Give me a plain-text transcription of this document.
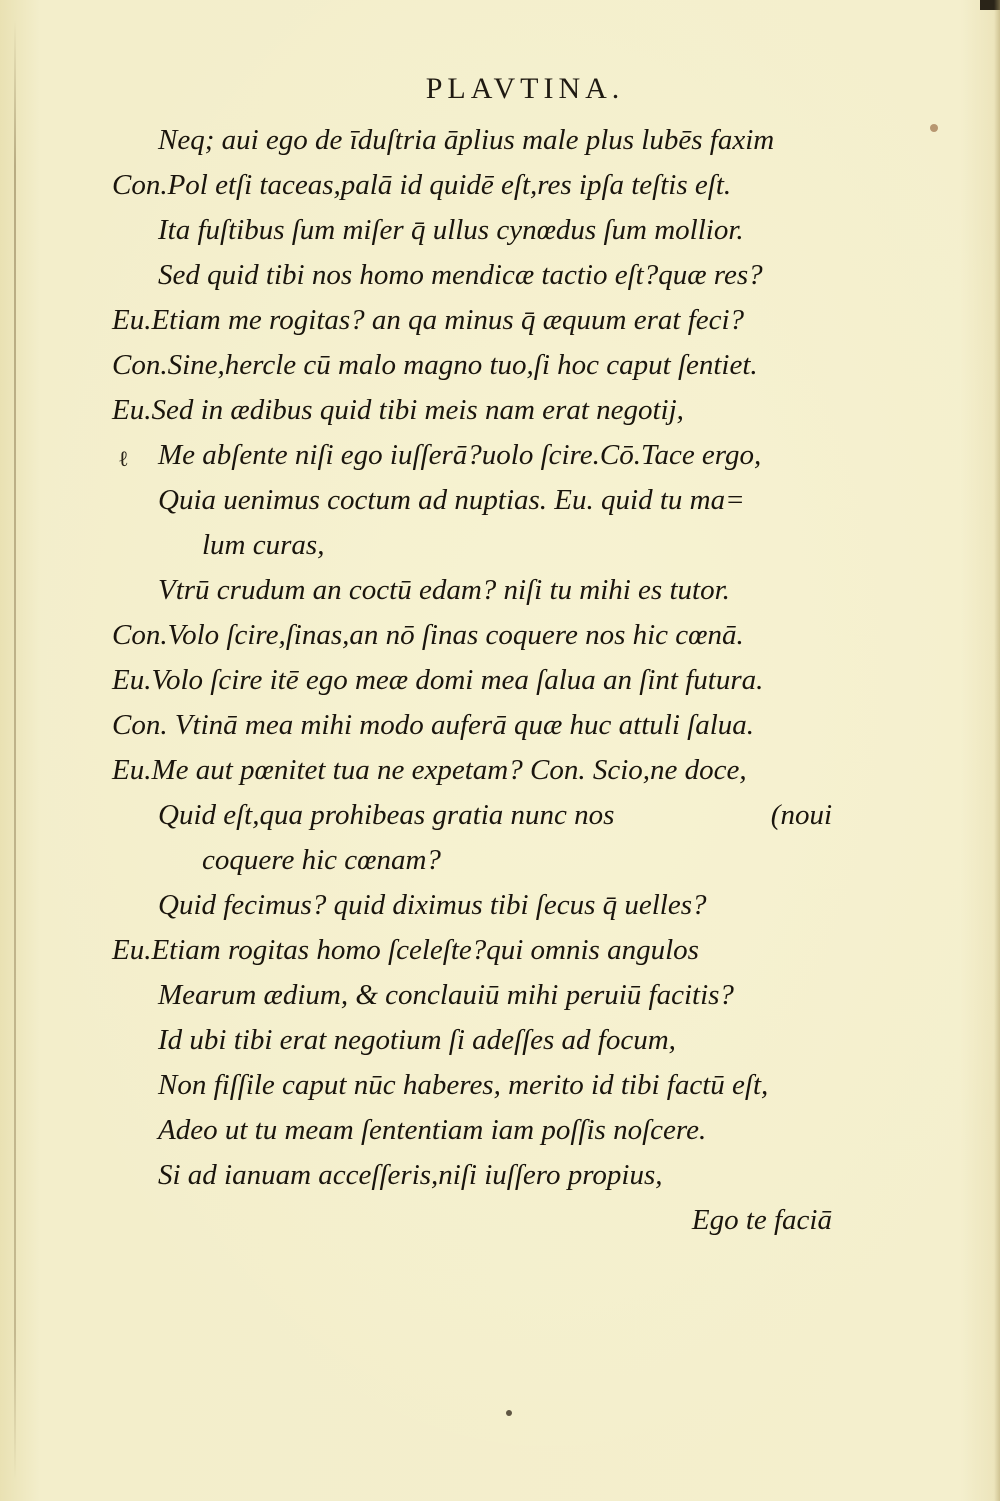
PLAVTINA.
ℓ
Neq; aui ego de īduſtria āplius male plus lubēs faxim
Con.Pol etſi taceas,palā id quidē eſt,res ipſa teſtis eſt.
Ita fuſtibus ſum miſer q̄ ullus cynœdus ſum mollior.
Sed quid tibi nos homo mendicæ tactio eſt?quæ res?
Eu.Etiam me rogitas? an qa minus q̄ æquum erat feci?
Con.Sine,hercle cū malo magno tuo,ſi hoc caput ſentiet.
Eu.Sed in ædibus quid tibi meis nam erat negotij,
Me abſente niſi ego iuſſerā?uolo ſcire.Cō.Tace ergo,
Quia uenimus coctum ad nuptias. Eu. quid tu ma=
lum curas,
Vtrū crudum an coctū edam? niſi tu mihi es tutor.
Con.Volo ſcire,ſinas,an nō ſinas coquere nos hic cœnā.
Eu.Volo ſcire itē ego meæ domi mea ſalua an ſint futura.
Con. Vtinā mea mihi modo auferā quæ huc attuli ſalua.
Eu.Me aut pœnitet tua ne expetam? Con. Scio,ne doce,
Quid eſt,qua prohibeas gratia nunc nos	(noui
coquere hic cœnam?
Quid fecimus? quid diximus tibi ſecus q̄ uelles?
Eu.Etiam rogitas homo ſceleſte?qui omnis angulos
Mearum ædium, & conclauiū mihi peruiū facitis?
Id ubi tibi erat negotium ſi adeſſes ad focum,
Non fiſſile caput nūc haberes, merito id tibi factū eſt,
Adeo ut tu meam ſententiam iam poſſis noſcere.
Si ad ianuam acceſſeris,niſi iuſſero propius,
Ego te faciā
